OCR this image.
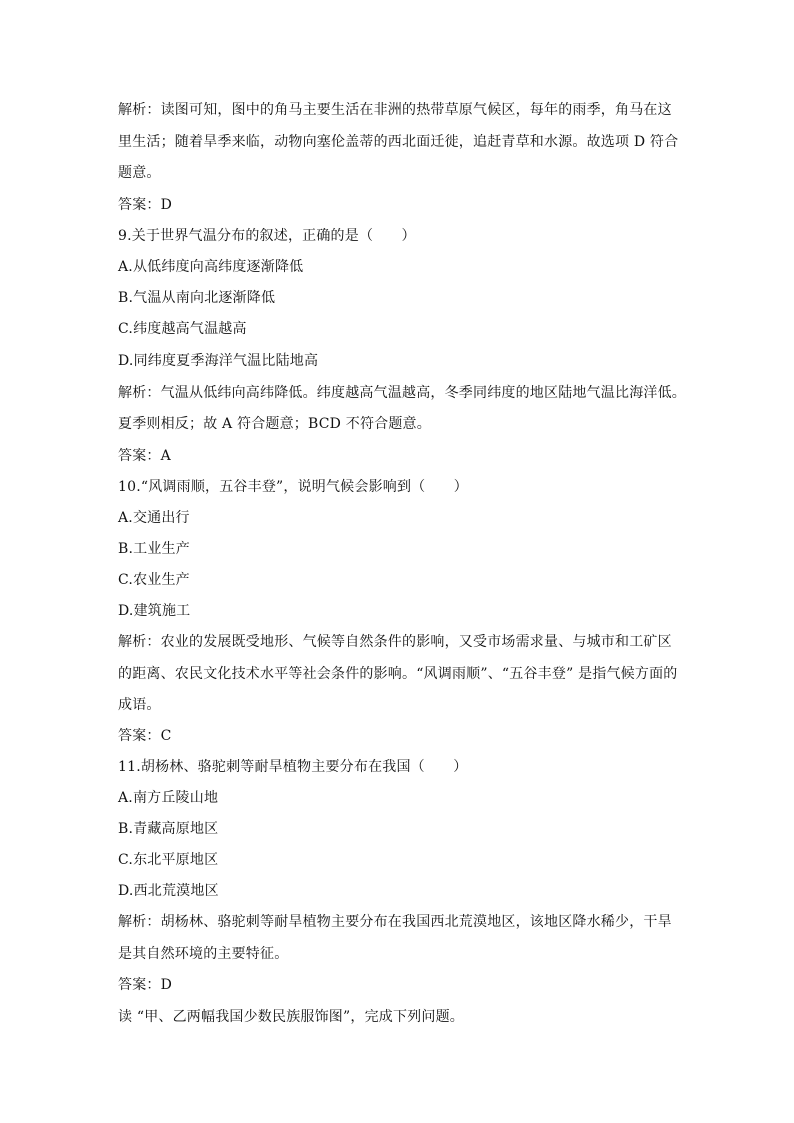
解析：读图可知，图中的角马主要生活在非洲的热带草原气候区，每年的雨季，角马在这
里生活；随着旱季来临，动物向塞伦盖蒂的西北面迁徙，追赶青草和水源。故选项 D 符合
题意。
答案：D
9.关于世界气温分布的叙述，正确的是（　　）
A.从低纬度向高纬度逐渐降低
B.气温从南向北逐渐降低
C.纬度越高气温越高
D.同纬度夏季海洋气温比陆地高
解析：气温从低纬向高纬降低。纬度越高气温越高，冬季同纬度的地区陆地气温比海洋低。
夏季则相反；故 A 符合题意；BCD 不符合题意。
答案：A
10.“风调雨顺，五谷丰登”，说明气候会影响到（　　）
A.交通出行
B.工业生产
C.农业生产
D.建筑施工
解析：农业的发展既受地形、气候等自然条件的影响，又受市场需求量、与城市和工矿区
的距离、农民文化技术水平等社会条件的影响。“风调雨顺”、“五谷丰登” 是指气候方面的
成语。
答案：C
11.胡杨林、骆驼刺等耐旱植物主要分布在我国（　　）
A.南方丘陵山地
B.青藏高原地区
C.东北平原地区
D.西北荒漠地区
解析：胡杨林、骆驼刺等耐旱植物主要分布在我国西北荒漠地区，该地区降水稀少，干旱
是其自然环境的主要特征。
答案：D
读 “甲、乙两幅我国少数民族服饰图”，完成下列问题。
